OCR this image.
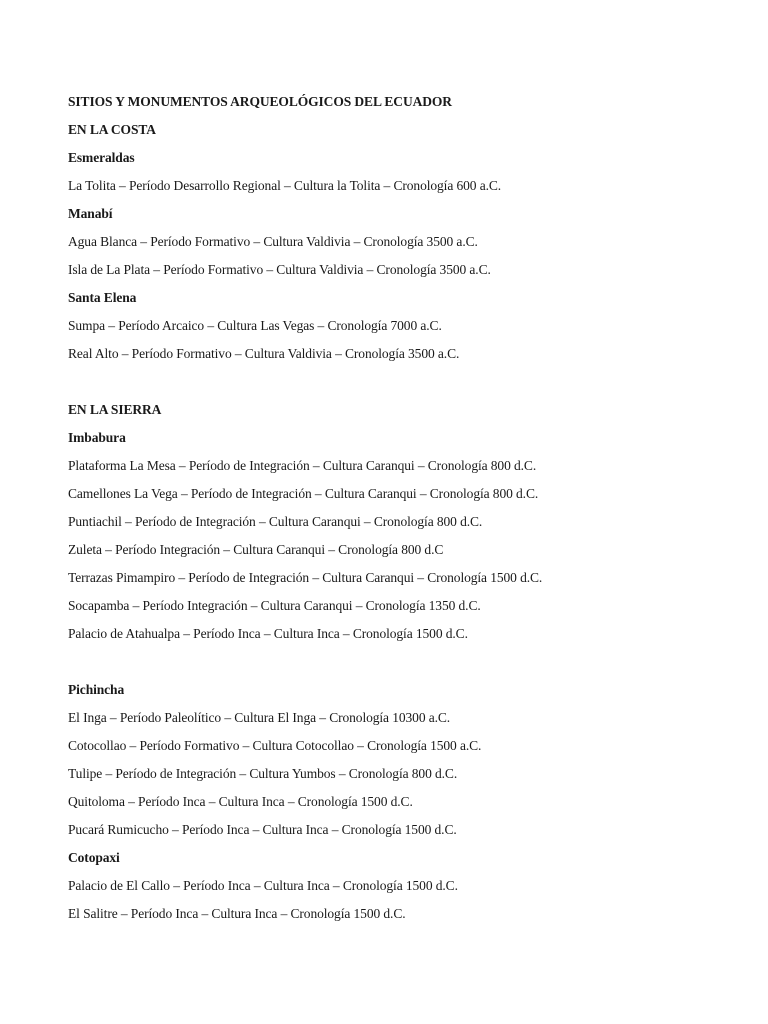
SITIOS Y MONUMENTOS ARQUEOLÓGICOS DEL ECUADOR
EN LA COSTA
Esmeraldas
La Tolita – Período Desarrollo Regional – Cultura la Tolita – Cronología 600 a.C.
Manabí
Agua Blanca – Período Formativo – Cultura Valdivia – Cronología 3500 a.C.
Isla de La Plata – Período Formativo – Cultura Valdivia – Cronología 3500 a.C.
Santa Elena
Sumpa – Período Arcaico – Cultura Las Vegas – Cronología 7000 a.C.
Real Alto – Período Formativo – Cultura Valdivia – Cronología 3500 a.C.
EN LA SIERRA
Imbabura
Plataforma La Mesa – Período de Integración – Cultura Caranqui – Cronología 800 d.C.
Camellones La Vega – Período de Integración – Cultura Caranqui – Cronología 800 d.C.
Puntiachil – Período de Integración – Cultura Caranqui – Cronología 800 d.C.
Zuleta – Período Integración – Cultura Caranqui – Cronología 800 d.C
Terrazas Pimampiro – Período de Integración – Cultura Caranqui – Cronología 1500 d.C.
Socapamba – Período Integración – Cultura Caranqui – Cronología 1350 d.C.
Palacio de Atahualpa – Período Inca – Cultura Inca – Cronología 1500 d.C.
Pichincha
El Inga – Período Paleolítico – Cultura El Inga – Cronología 10300 a.C.
Cotocollao – Período Formativo – Cultura Cotocollao – Cronología 1500 a.C.
Tulipe – Período de Integración – Cultura Yumbos – Cronología 800 d.C.
Quitoloma – Período Inca – Cultura Inca – Cronología 1500 d.C.
Pucará Rumicucho – Período Inca – Cultura Inca – Cronología 1500 d.C.
Cotopaxi
Palacio de El Callo – Período Inca – Cultura Inca – Cronología 1500 d.C.
El Salitre – Período Inca – Cultura Inca – Cronología 1500 d.C.
